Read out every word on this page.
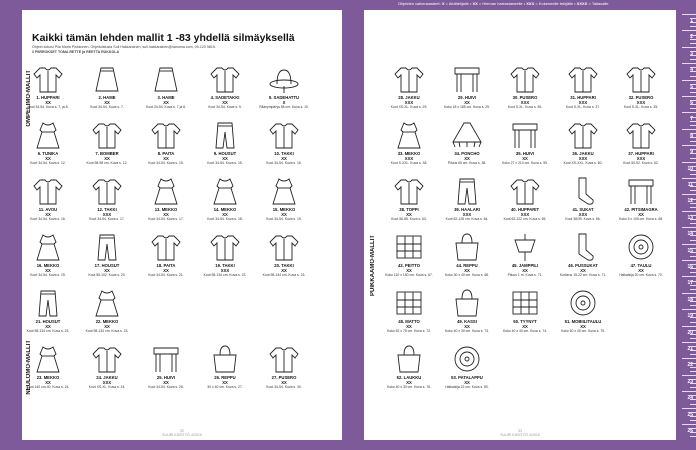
Kaikki tämän lehden mallit 1 -83 yhdellä silmäyksellä
Ohjeet kokosi Piia Maria Pinkkonen. Ohjeitoistusta Suli Hakkarainen, suli.hakkarainen@sanoma.com, 09-120 5815.
// PIIRROKSET TOMA RETTE ja REETTA RUKKOLA
OMPELIMO-MALLIT
NEULOMO-MALLIT
32
SUURI KÄSITYÖ 4/2016
PUIKKAAMO-MALLIT
33
SUURI KÄSITYÖ 4/2016
Ohjeiden vaikeusasteet: X = Aloittelijalle • XX = Hieman harrastaneelle • XXX = Kokeneelle tekijälle • XXXX = Taitavalle
1
2
3
4
5
6
7
8
9
10
11
12
13
14
15
16
17
18
19
20
21
22
23
24
25
26
1. HUPPARI
XX
Koot 34-54. Kuva s. 7, ja 8.
2. HAME
XX
Koot 34-54. Kuva s. 7.
3. HAME
XX
Koot 34-54. Kuva s. 7 ja 8.
4. SADETAKKI
XX
Koot 34-54. Kuva s. 9.
5. SADEHATTU
X
Päänympärys 58 cm. Kuva s. 10.
6. TUNIKA
XX
Koot 34-54. Kuva s. 12.
7. BOMBER
XX
Koot 98-98 cm. Kuva s. 12.
8. PAITA
XX
Koot 34-54. Kuva s. 15.
9. HOUSUT
XX
Koot 34-54. Kuva s. 15.
10. TAKKI
XX
Koot 34-54. Kuva s. 16.
11. AVOU
XX
Koot 34-54. Kuva s. 16.
12. TAKKI
XXX
Koot 34-54. Kuva s. 17.
13. MEKKO
XX
Koot 34-54. Kuva s. 17.
14. MEKKO
XX
Koot 34-54. Kuva s. 18.
15. MEKKO
XX
Koot 34-54. Kuva s. 19.
16. MEKKO
XX
Koot 34-54. Kuva s. 19.
17. HOUSUT
XX
Koot 98-102. Kuva s. 20.
18. PAITA
XX
Koot 34-54. Kuva s. 21.
19. TAKKI
XXX
Koot 98-134 cm. Kuva s. 23.
20. TAKKI
XX
Koot 98-134 cm. Kuva s. 23.
21. HOUSUT
XX
Koot 98-134 cm. Kuva s. 23.
22. MEKKO
XX
Koot 98-134 cm. Kuva s. 23.
23. MEKKO
XX
Koot 140 cm-40. Kuva s. 24.
24. JAKKU
XXX
Koot XS-XL. Kuva s. 24.
25. HUIVI
XX
Koot 34-54. Kuva s. 26.
26. REPPU
XX
30 x 40 cm. Kuva s. 27.
27. PUSERO
XX
Koot 34-54. Kuva s. 30.
28. JAKKU
XXX
Koot XS-XL. Kuva s. 29.
29. HUIVI
XX
Koko 18 x 185 cm. Kuva s. 29.
30. PUSERO
XXX
Koot S-XL. Kuva s. 36.
31. HUPPARI
XXX
Koot S-XL. Kuva s. 37.
32. PUSERO
XXX
Koot S-XL. Kuva s. 35.
33. MEKKO
XXX
Koot S-XXL. Kuva s. 38.
34. PONCHO
XX
Pituus 65 cm. Kuva s. 38.
35. HUIVI
XX
Koko 27 x 210 cm. Kuva s. 59.
36. JAKKU
XXX
Koot XS-XXL. Kuva s. 60.
37. HUPPARI
XXX
Koot 50-92. Kuva s. 62.
38. TOPPI
XX
Koot 56-85. Kuva s. 63.
39. HAALARI
XXX
Koot 62-128 cm. Kuva s. 64.
40. HUPPARIT
XXX
Koot 62-122 cm. Kuva s. 65.
41. SUKAT
XXX
Koot 38/39. Kuva s. 66.
42. PITSIMAGRA
XX
Koko 5 x 105 cm. Kuva s. 68.
43. PEITTO
XX
Koko 110 x 150 cm. Kuva s. 67.
44. REPPU
XX
Koko 30 x 40 cm. Kuva s. 68.
45. JAMPPILI
XX
Pituus 1 m. Kuva s. 71.
46. PUSSUKAT
XX
Korkeus 15-22 cm. Kuva s. 71.
47. TAULU
XX
Halkaisija 20 cm. Kuva s. 70.
48. MATTO
XX
Koko 52 x 75 cm. Kuva s. 72.
49. KASSI
XX
Koko 40 x 30 cm. Kuva s. 73.
50. TYYNYT
XX
Koko 40 x 40 cm. Kuva s. 74.
51. MOBIILITAULU
XX
Koko 40 x 40 cm. Kuva s. 75.
52. LAUKKU
XX
Koko 40 x 30 cm. Kuva s. 76.
53. PATALAPPU
XX
Halkaisija 22 cm. Kuva s. 80.
